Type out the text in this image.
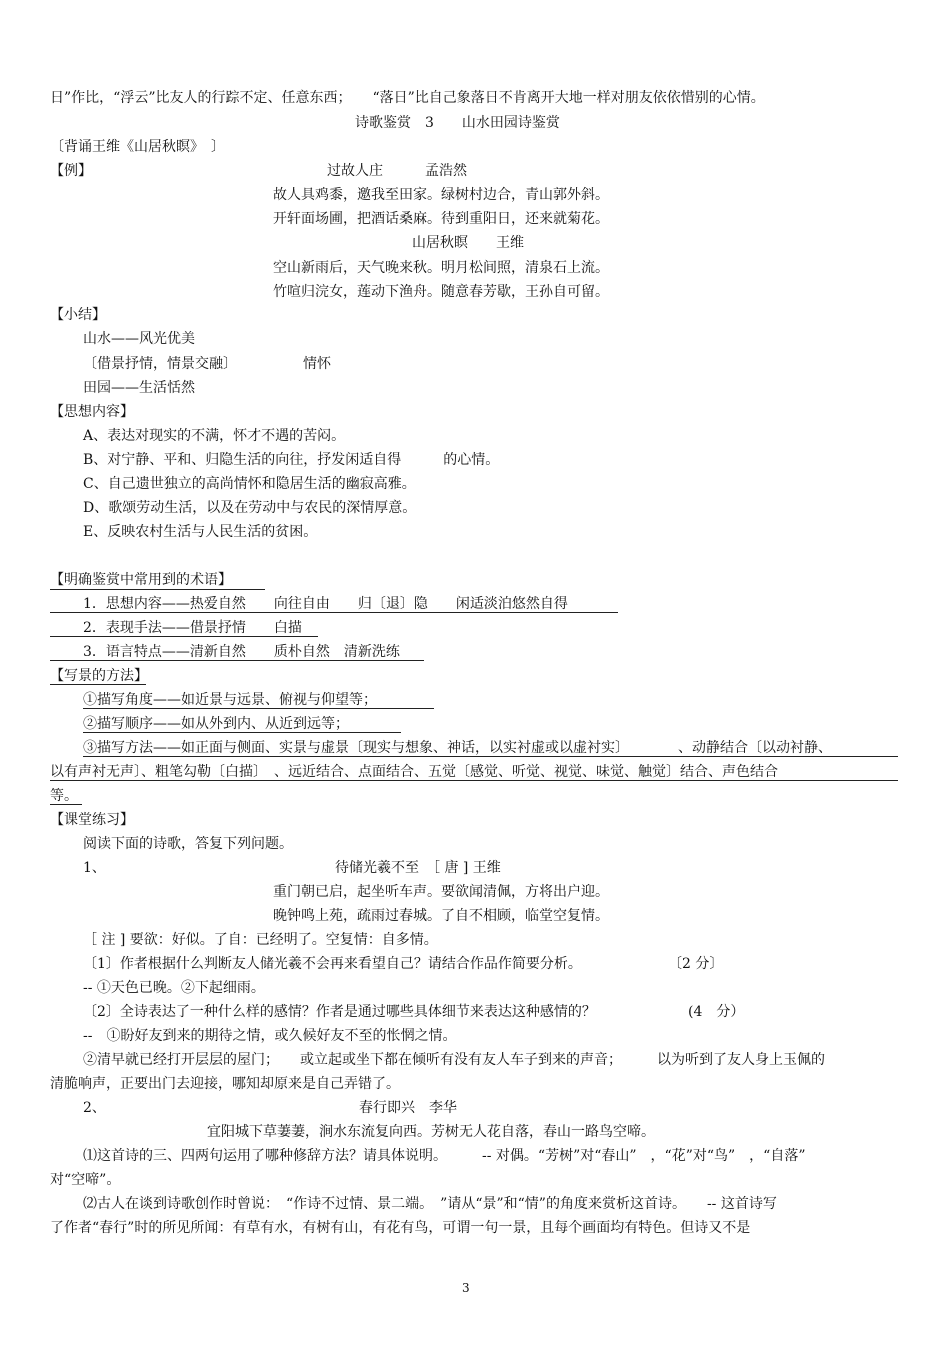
日”作比，“浮云”比友人的行踪不定、任意东西；　　“落日”比自己象落日不肯离开大地一样对朋友依依惜别的心情。
诗歌鉴赏　3　　山水田园诗鉴赏
〔背诵王维《山居秋瞑》　〕
【例】	过故人庄　　　孟浩然
故人具鸡黍，邀我至田家。绿树村边合，青山郭外斜。
开轩面场圃，把酒话桑麻。待到重阳日，还来就菊花。
山居秋瞑　　王维
空山新雨后，天气晚来秋。明月松间照，清泉石上流。
竹喧归浣女，莲动下渔舟。随意春芳歇，王孙自可留。
【小结】
山水——风光优美
〔借景抒情，情景交融〕	情怀
田园——生活恬然
【思想内容】
A、表达对现实的不满，怀才不遇的苦闷。
B、对宁静、平和、归隐生活的向往，抒发闲适自得　　　的心情。
C、自己遗世独立的高尚情怀和隐居生活的幽寂高雅。
D、歌颂劳动生活，以及在劳动中与农民的深情厚意。
E、反映农村生活与人民生活的贫困。
【明确鉴赏中常用到的术语】
1．思想内容——热爱自然　　向往自由　　归〔退〕隐　　闲适淡泊悠然自得
2．表现手法——借景抒情　　白描
3．语言特点——清新自然　　质朴自然　清新洗练
【写景的方法】
①描写角度——如近景与远景、俯视与仰望等；
②描写顺序——如从外到内、从近到远等；
③描写方法——如正面与侧面、实景与虚景〔现实与想象、神话，以实衬虚或以虚衬实〕　　　　、动静结合〔以动衬静、
以有声衬无声〕、粗笔勾勒〔白描〕　、远近结合、点面结合、五觉〔感觉、听觉、视觉、味觉、触觉〕结合、声色结合
等。
【课堂练习】
阅读下面的诗歌，答复下列问题。
1、	待储光羲不至　［ 唐 ] 王维
重门朝已启，起坐听车声。要欲闻清佩，方将出户迎。
晚钟鸣上苑，疏雨过春城。了自不相顾，临堂空复情。
［ 注 ] 要欲：好似。了自：已经明了。空复情：自多情。
〔1〕作者根据什么判断友人储光羲不会再来看望自己？请结合作品作简要分析。	〔2 分〕
-- ①天色已晚。②下起细雨。
〔2〕全诗表达了一种什么样的感情？作者是通过哪些具体细节来表达这种感情的？	(4　分）
--　①盼好友到来的期待之情，或久候好友不至的怅惘之情。
②清早就已经打开层层的屋门；　　或立起或坐下都在倾听有没有友人车子到来的声音；　　　以为听到了友人身上玉佩的
清脆响声，正要出门去迎接，哪知却原来是自己弄错了。
2、	春行即兴　李华
宜阳城下草萋萋，涧水东流复向西。芳树无人花自落，春山一路鸟空啼。
⑴这首诗的三、四两句运用了哪种修辞方法？请具体说明。　　　-- 对偶。“芳树”对“春山”　，“花”对“鸟”　，“自落”
对“空啼”。
⑵古人在谈到诗歌创作时曾说：　“作诗不过情、景二端。　”请从“景”和“情”的角度来赏析这首诗。　　-- 这首诗写
了作者“春行”时的所见所闻：有草有水，有树有山，有花有鸟，可谓一句一景，且每个画面均有特色。但诗又不是
3
